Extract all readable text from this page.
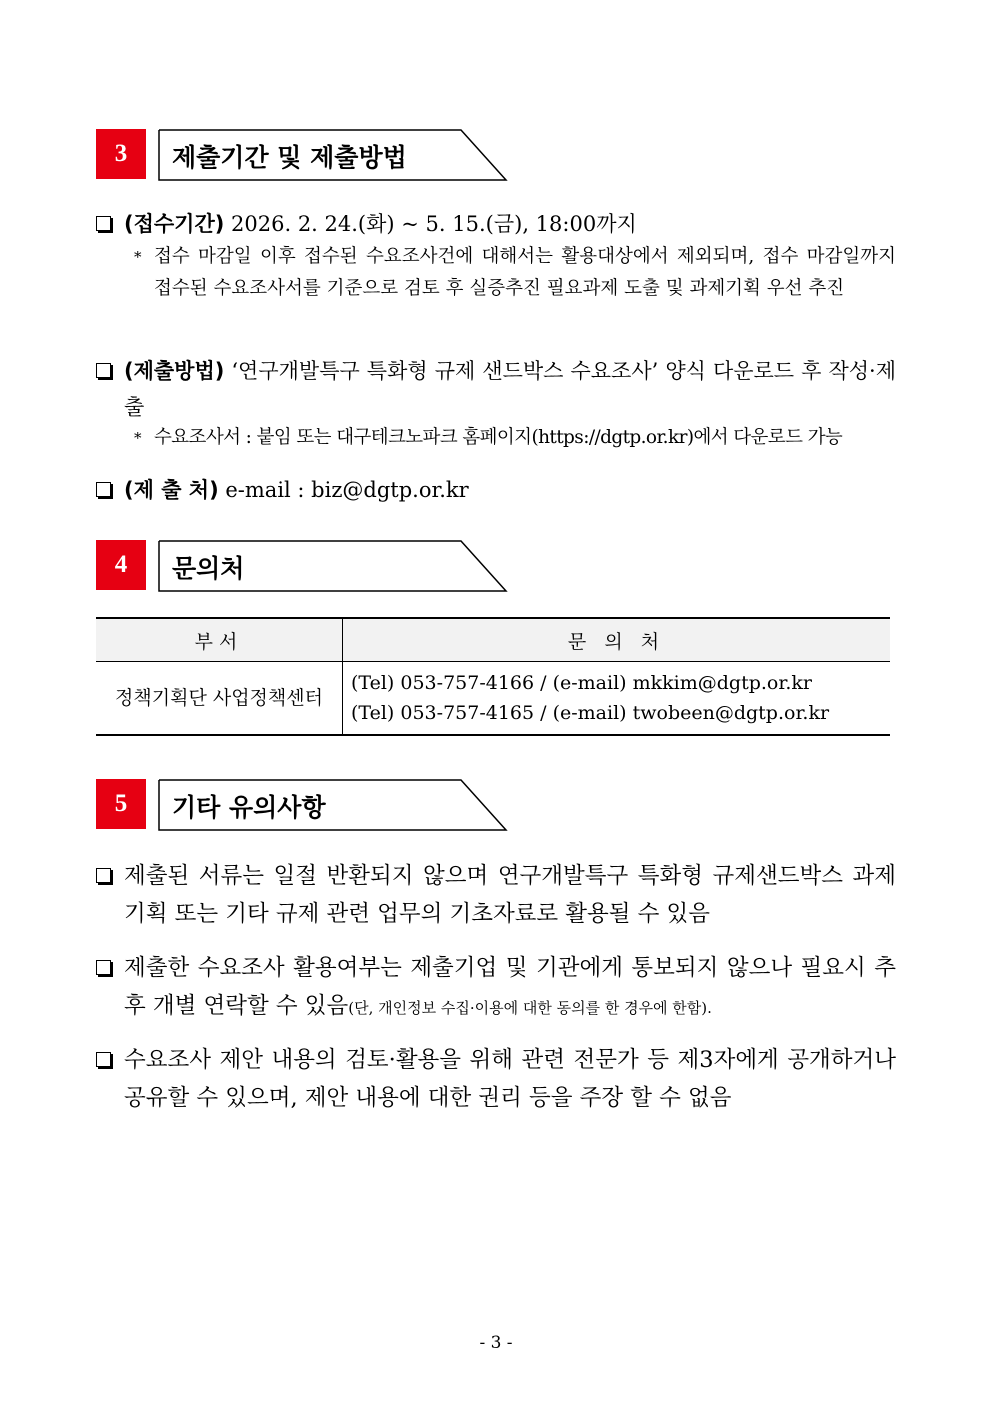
3	제출기간 및 제출방법
(접수기간) 2026. 2. 24.(화) ~ 5. 15.(금), 18:00까지
* 접수 마감일 이후 접수된 수요조사건에 대해서는 활용대상에서 제외되며, 접수 마감일까지 접수된 수요조사서를 기준으로 검토 후 실증추진 필요과제 도출 및 과제기획 우선 추진
(제출방법) ‘연구개발특구 특화형 규제 샌드박스 수요조사’ 양식 다운로드 후 작성·제출
* 수요조사서 : 붙임 또는 대구테크노파크 홈페이지(https://dgtp.or.kr)에서 다운로드 가능
(제 출 처) e-mail : biz@dgtp.or.kr
4	문의처
부서	문 의 처
정책기획단 사업정책센터	(Tel) 053-757-4166 / (e-mail) mkkim@dgtp.or.kr
(Tel) 053-757-4165 / (e-mail) twobeen@dgtp.or.kr
5	기타 유의사항
제출된 서류는 일절 반환되지 않으며 연구개발특구 특화형 규제샌드박스 과제 기획 또는 기타 규제 관련 업무의 기초자료로 활용될 수 있음
제출한 수요조사 활용여부는 제출기업 및 기관에게 통보되지 않으나 필요시 추후 개별 연락할 수 있음(단, 개인정보 수집·이용에 대한 동의를 한 경우에 한함).
수요조사 제안 내용의 검토·활용을 위해 관련 전문가 등 제3자에게 공개하거나 공유할 수 있으며, 제안 내용에 대한 권리 등을 주장 할 수 없음
- 3 -
